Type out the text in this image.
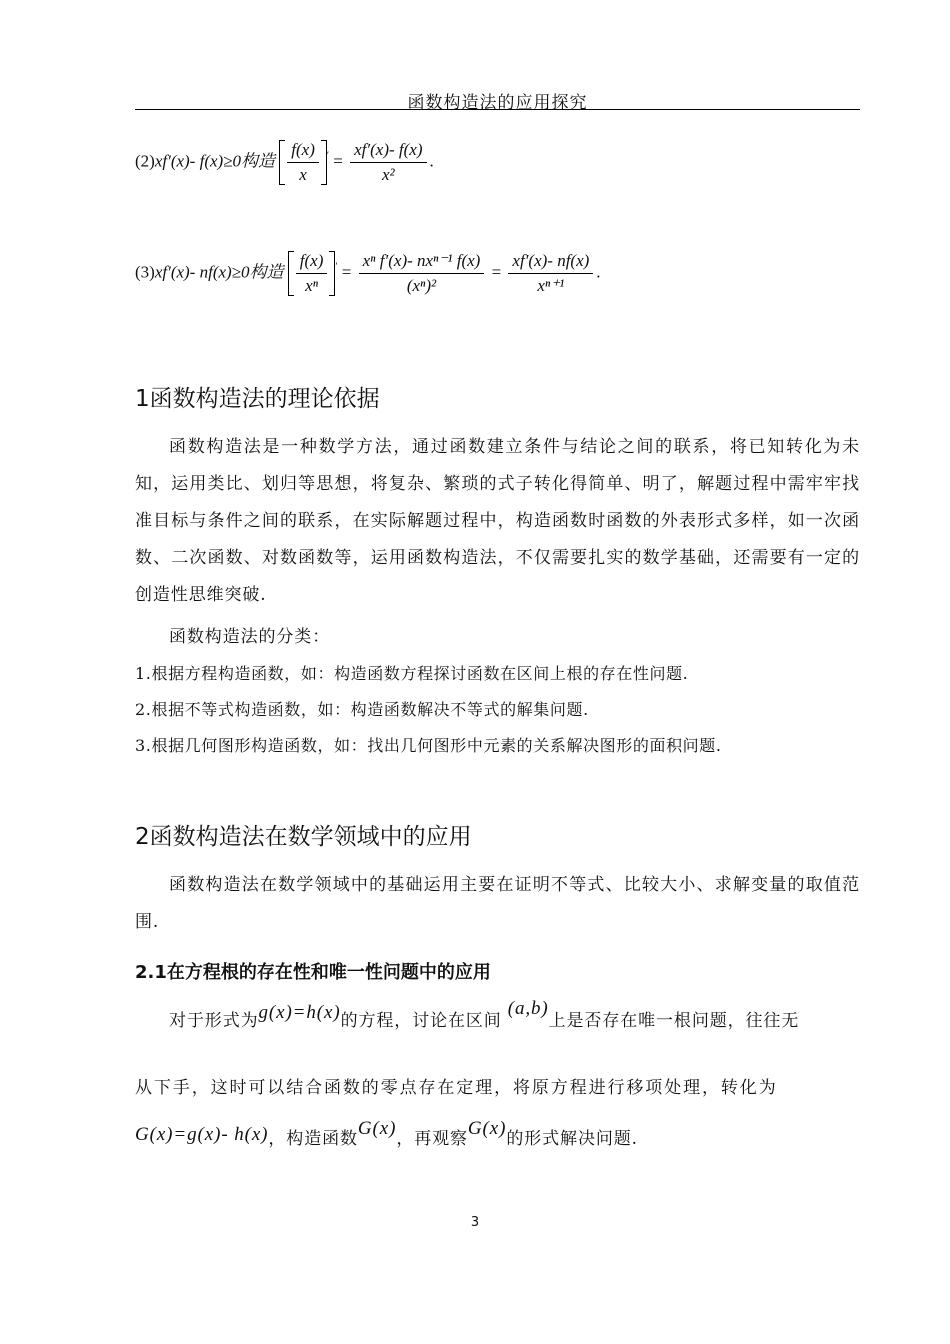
函数构造法的应用探究
(2)xf′(x)- f(x)≥0构造 $\frac{f(x)}{x} ' = \frac{xf'(x)- f(x)}{\text{x²}}$ .
(3)xf′(x)- nf(x)≥0构造 $\frac{f(x)}{\text{xⁿ}} ' = \frac{\text{xⁿ f′(x)- nxⁿ⁻¹ f(x)}}{\text{(xⁿ)²}} = \frac{xf'(x)- nf(x)}{\text{xⁿ⁺¹}}$ .
1函数构造法的理论依据
函数构造法是一种数学方法，通过函数建立条件与结论之间的联系，将已知转化为未知，运用类比、划归等思想，将复杂、繁琐的式子转化得简单、明了，解题过程中需牢牢找准目标与条件之间的联系，在实际解题过程中，构造函数时函数的外表形式多样，如一次函数、二次函数、对数函数等，运用函数构造法，不仅需要扎实的数学基础，还需要有一定的创造性思维突破.
函数构造法的分类：
1.根据方程构造函数，如：构造函数方程探讨函数在区间上根的存在性问题.
2.根据不等式构造函数，如：构造函数解决不等式的解集问题.
3.根据几何图形构造函数，如：找出几何图形中元素的关系解决图形的面积问题.
2函数构造法在数学领域中的应用
函数构造法在数学领域中的基础运用主要在证明不等式、比较大小、求解变量的取值范围.
2.1在方程根的存在性和唯一性问题中的应用
对于形式为g(x)=h(x)的方程，讨论在区间(a,b)上是否存在唯一根问题，往往无
从下手，这时可以结合函数的零点存在定理，将原方程进行移项处理，转化为
G(x)=g(x)- h(x)，构造函数G(x)，再观察G(x)的形式解决问题.
3
